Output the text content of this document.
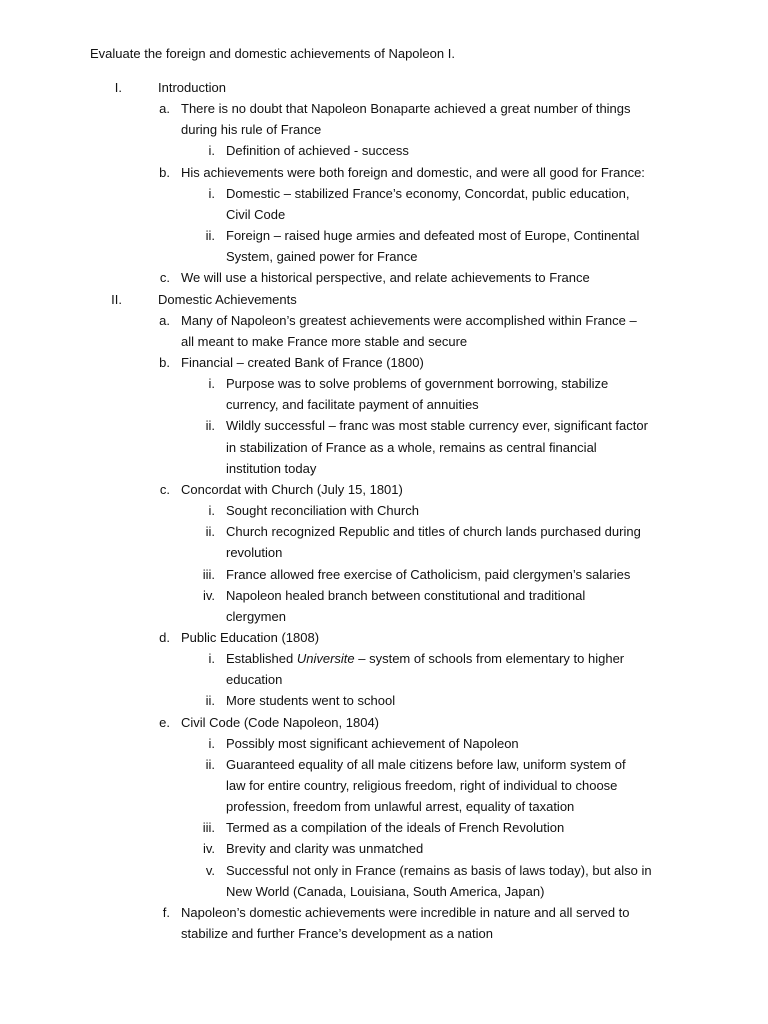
Evaluate the foreign and domestic achievements of Napoleon I.
I.	Introduction
a. There is no doubt that Napoleon Bonaparte achieved a great number of things
during his rule of France
i. Definition of achieved - success
b. His achievements were both foreign and domestic, and were all good for France:
i. Domestic – stabilized France’s economy, Concordat, public education,
Civil Code
ii. Foreign – raised huge armies and defeated most of Europe, Continental
System, gained power for France
c. We will use a historical perspective, and relate achievements to France
II.	Domestic Achievements
a. Many of Napoleon’s greatest achievements were accomplished within France –
all meant to make France more stable and secure
b. Financial – created Bank of France (1800)
i. Purpose was to solve problems of government borrowing, stabilize
currency, and facilitate payment of annuities
ii. Wildly successful – franc was most stable currency ever, significant factor
in stabilization of France as a whole, remains as central financial
institution today
c. Concordat with Church (July 15, 1801)
i. Sought reconciliation with Church
ii. Church recognized Republic and titles of church lands purchased during
revolution
iii. France allowed free exercise of Catholicism, paid clergymen’s salaries
iv. Napoleon healed branch between constitutional and traditional
clergymen
d. Public Education (1808)
i. Established Universite – system of schools from elementary to higher
education
ii. More students went to school
e. Civil Code (Code Napoleon, 1804)
i. Possibly most significant achievement of Napoleon
ii. Guaranteed equality of all male citizens before law, uniform system of
law for entire country, religious freedom, right of individual to choose
profession, freedom from unlawful arrest, equality of taxation
iii. Termed as a compilation of the ideals of French Revolution
iv. Brevity and clarity was unmatched
v. Successful not only in France (remains as basis of laws today), but also in
New World (Canada, Louisiana, South America, Japan)
f. Napoleon’s domestic achievements were incredible in nature and all served to
stabilize and further France’s development as a nation
